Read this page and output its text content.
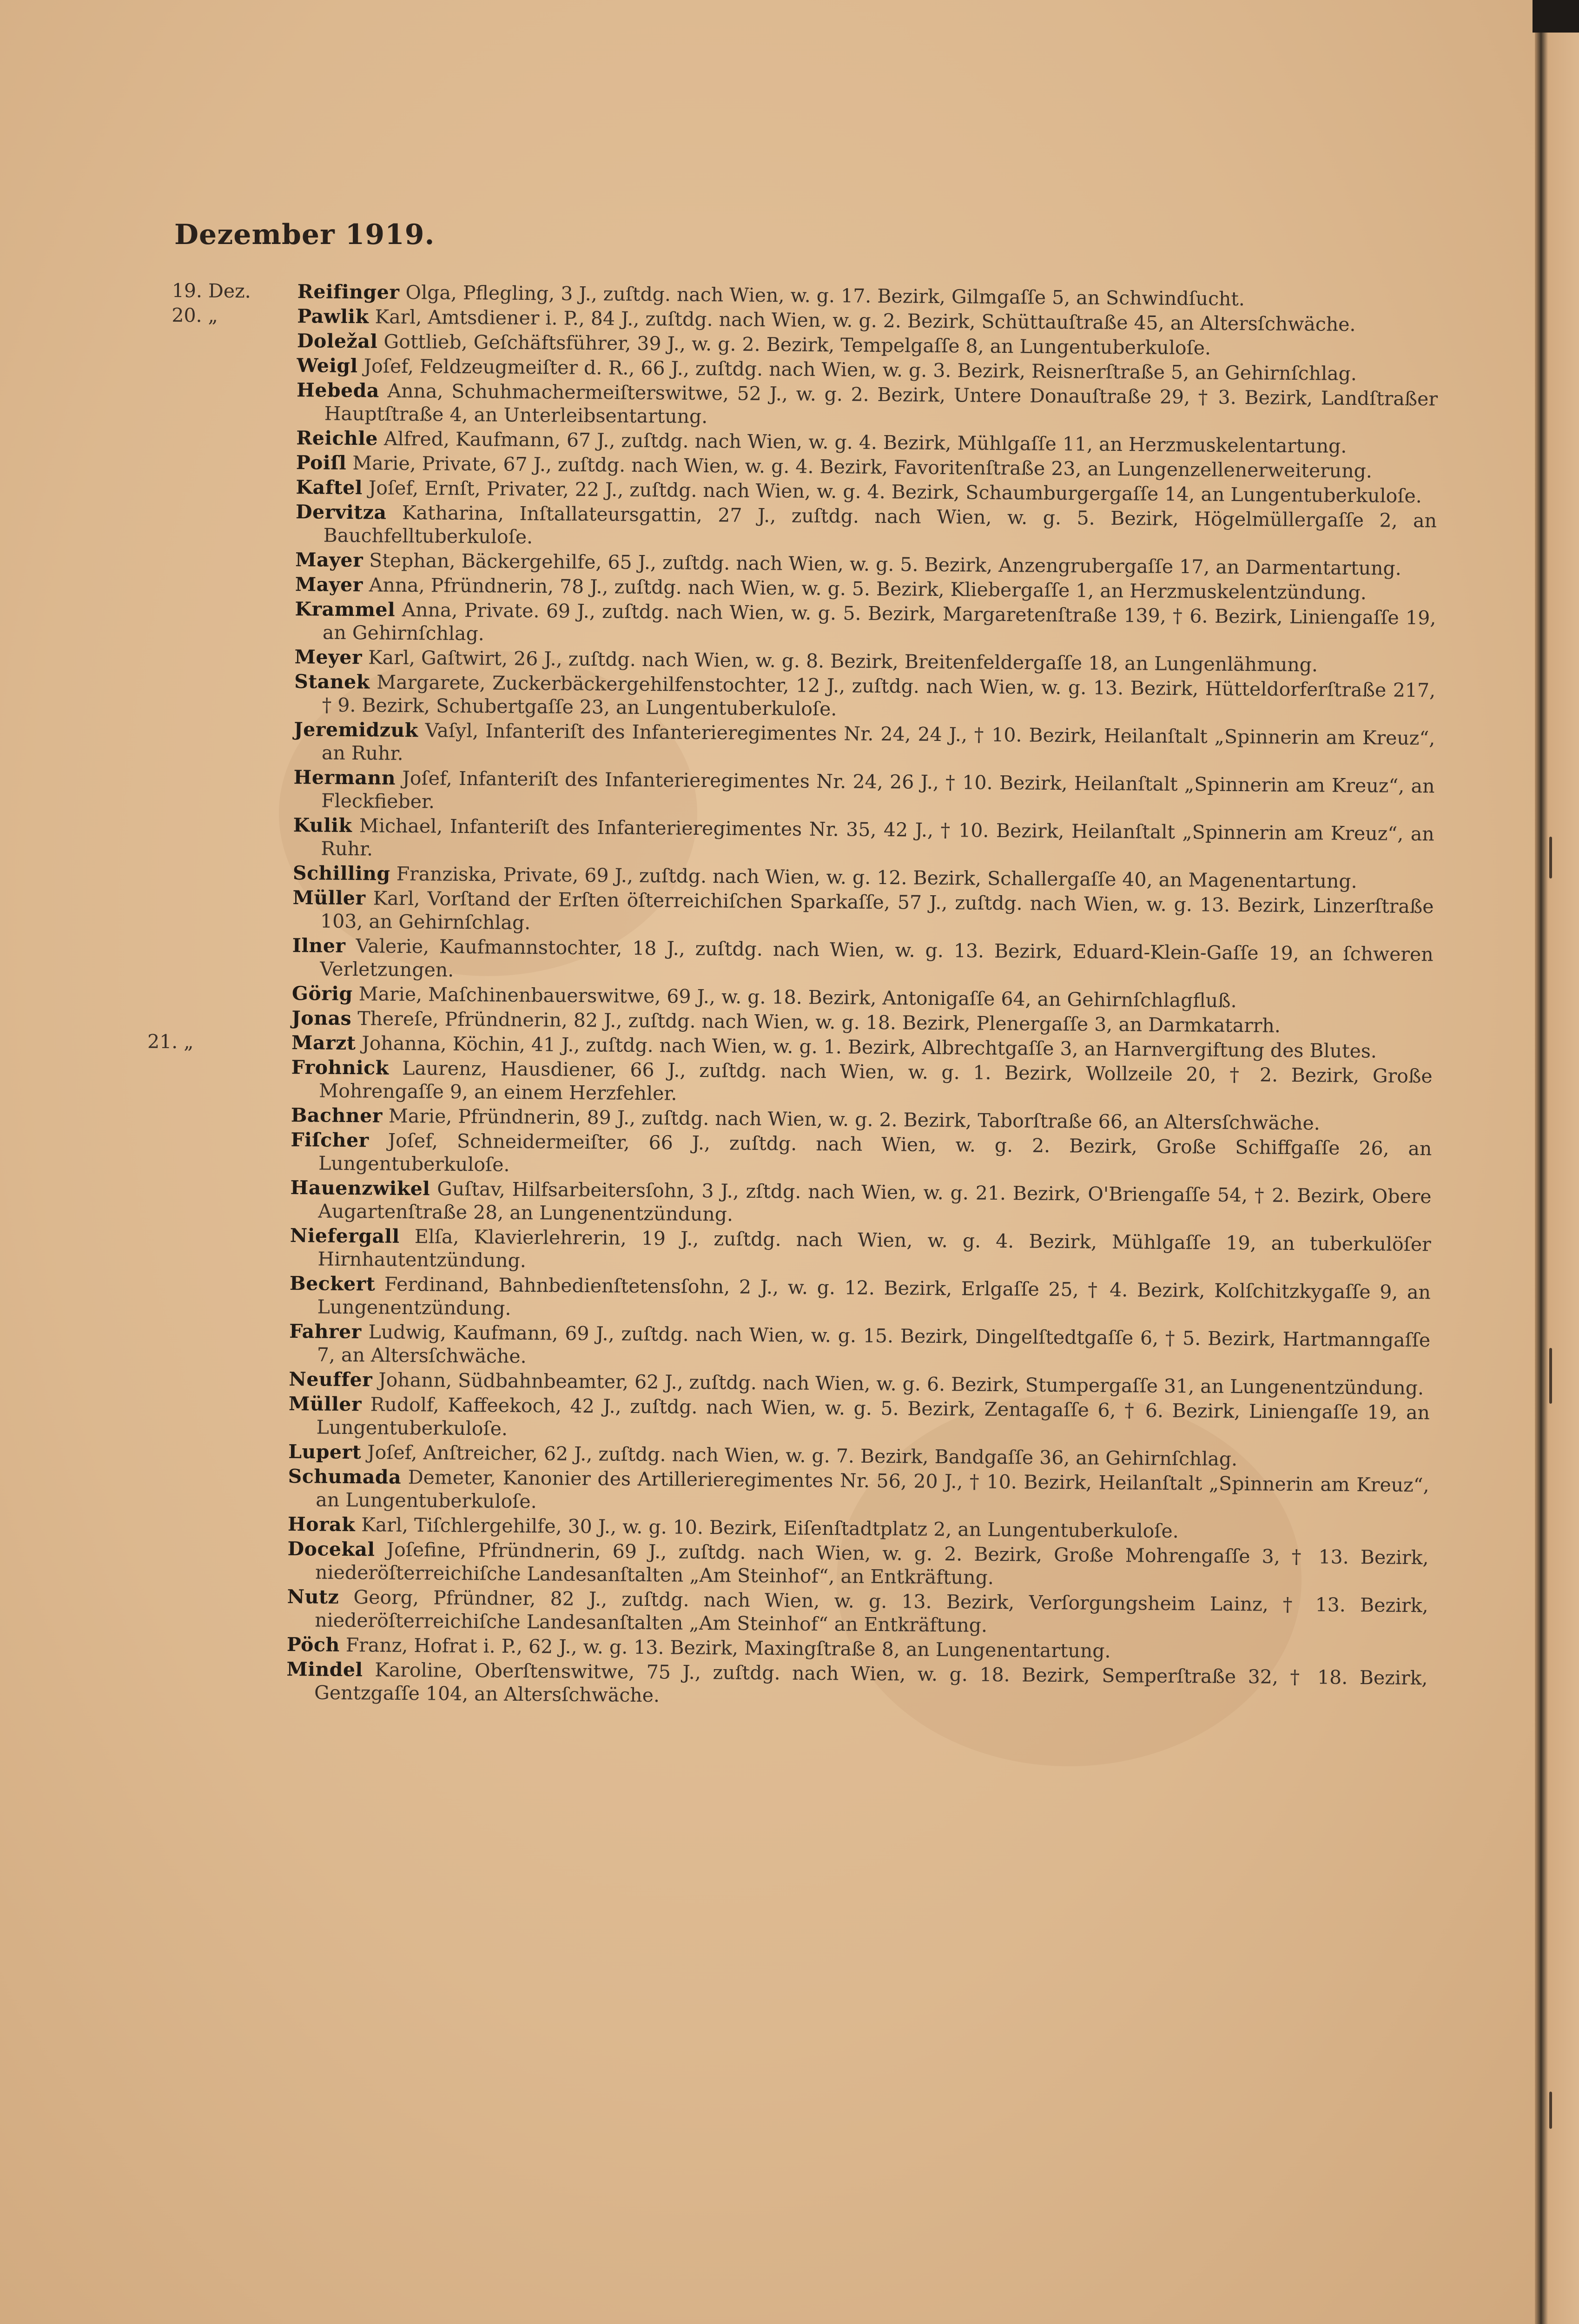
Dezember 1919.
19. Dez.	Reifinger Olga, Pflegling, 3 J., zuſtdg. nach Wien, w. g. 17. Bezirk, Gilmgaſſe 5, an Schwindſucht.
20. „	Pawlik Karl, Amtsdiener i. P., 84 J., zuſtdg. nach Wien, w. g. 2. Bezirk, Schüttauſtraße 45, an Altersſchwäche.
Doležal Gottlieb, Geſchäftsführer, 39 J., w. g. 2. Bezirk, Tempelgaſſe 8, an Lungentuberkuloſe.
Weigl Joſef, Feldzeugmeiſter d. R., 66 J., zuſtdg. nach Wien, w. g. 3. Bezirk, Reisnerſtraße 5, an Gehirnſchlag.
Hebeda Anna, Schuhmachermeiſterswitwe, 52 J., w. g. 2. Bezirk, Untere Donauſtraße 29, † 3. Bezirk, Landſtraßer Hauptſtraße 4, an Unterleibsentartung.
Reichle Alfred, Kaufmann, 67 J., zuſtdg. nach Wien, w. g. 4. Bezirk, Mühlgaſſe 11, an Herzmuskelentartung.
Poiſl Marie, Private, 67 J., zuſtdg. nach Wien, w. g. 4. Bezirk, Favoritenſtraße 23, an Lungenzellenerweiterung.
Kaftel Joſef, Ernſt, Privater, 22 J., zuſtdg. nach Wien, w. g. 4. Bezirk, Schaumburgergaſſe 14, an Lungentuberkuloſe.
Dervitza Katharina, Inſtallateursgattin, 27 J., zuſtdg. nach Wien, w. g. 5. Bezirk, Högelmüllergaſſe 2, an Bauchfelltuberkuloſe.
Mayer Stephan, Bäckergehilfe, 65 J., zuſtdg. nach Wien, w. g. 5. Bezirk, Anzengrubergaſſe 17, an Darmentartung.
Mayer Anna, Pfründnerin, 78 J., zuſtdg. nach Wien, w. g. 5. Bezirk, Kliebergaſſe 1, an Herzmuskelentzündung.
Krammel Anna, Private. 69 J., zuſtdg. nach Wien, w. g. 5. Bezirk, Margaretenſtraße 139, † 6. Bezirk, Liniengaſſe 19, an Gehirnſchlag.
Meyer Karl, Gaſtwirt, 26 J., zuſtdg. nach Wien, w. g. 8. Bezirk, Breitenfeldergaſſe 18, an Lungenlähmung.
Stanek Margarete, Zuckerbäckergehilfenstochter, 12 J., zuſtdg. nach Wien, w. g. 13. Bezirk, Hütteldorferſtraße 217, † 9. Bezirk, Schubertgaſſe 23, an Lungentuberkuloſe.
Jeremidzuk Vaſyl, Infanteriſt des Infanterieregimentes Nr. 24, 24 J., † 10. Bezirk, Heilanſtalt „Spinnerin am Kreuz“, an Ruhr.
Hermann Joſef, Infanteriſt des Infanterieregimentes Nr. 24, 26 J., † 10. Bezirk, Heilanſtalt „Spinnerin am Kreuz“, an Fleckfieber.
Kulik Michael, Infanteriſt des Infanterieregimentes Nr. 35, 42 J., † 10. Bezirk, Heilanſtalt „Spinnerin am Kreuz“, an Ruhr.
Schilling Franziska, Private, 69 J., zuſtdg. nach Wien, w. g. 12. Bezirk, Schallergaſſe 40, an Magenentartung.
Müller Karl, Vorſtand der Erſten öſterreichiſchen Sparkaſſe, 57 J., zuſtdg. nach Wien, w. g. 13. Bezirk, Linzerſtraße 103, an Gehirnſchlag.
Ilner Valerie, Kaufmannstochter, 18 J., zuſtdg. nach Wien, w. g. 13. Bezirk, Eduard-Klein-Gaſſe 19, an ſchweren Verletzungen.
Görig Marie, Maſchinenbauerswitwe, 69 J., w. g. 18. Bezirk, Antonigaſſe 64, an Gehirnſchlagfluß.
Jonas Thereſe, Pfründnerin, 82 J., zuſtdg. nach Wien, w. g. 18. Bezirk, Plenergaſſe 3, an Darmkatarrh.
21. „	Marzt Johanna, Köchin, 41 J., zuſtdg. nach Wien, w. g. 1. Bezirk, Albrechtgaſſe 3, an Harnvergiftung des Blutes.
Frohnick Laurenz, Hausdiener, 66 J., zuſtdg. nach Wien, w. g. 1. Bezirk, Wollzeile 20, † 2. Bezirk, Große Mohrengaſſe 9, an einem Herzfehler.
Bachner Marie, Pfründnerin, 89 J., zuſtdg. nach Wien, w. g. 2. Bezirk, Taborſtraße 66, an Altersſchwäche.
Fiſcher Joſef, Schneidermeiſter, 66 J., zuſtdg. nach Wien, w. g. 2. Bezirk, Große Schiffgaſſe 26, an Lungentuberkuloſe.
Hauenzwikel Guſtav, Hilfsarbeitersſohn, 3 J., zſtdg. nach Wien, w. g. 21. Bezirk, O'Briengaſſe 54, † 2. Bezirk, Obere Augartenſtraße 28, an Lungenentzündung.
Niefergall Elſa, Klavierlehrerin, 19 J., zuſtdg. nach Wien, w. g. 4. Bezirk, Mühlgaſſe 19, an tuberkulöſer Hirnhautentzündung.
Beckert Ferdinand, Bahnbedienſtetensſohn, 2 J., w. g. 12. Bezirk, Erlgaſſe 25, † 4. Bezirk, Kolſchitzkygaſſe 9, an Lungenentzündung.
Fahrer Ludwig, Kaufmann, 69 J., zuſtdg. nach Wien, w. g. 15. Bezirk, Dingelſtedtgaſſe 6, † 5. Bezirk, Hartmanngaſſe 7, an Altersſchwäche.
Neuffer Johann, Südbahnbeamter, 62 J., zuſtdg. nach Wien, w. g. 6. Bezirk, Stumpergaſſe 31, an Lungenentzündung.
Müller Rudolf, Kaffeekoch, 42 J., zuſtdg. nach Wien, w. g. 5. Bezirk, Zentagaſſe 6, † 6. Bezirk, Liniengaſſe 19, an Lungentuberkuloſe.
Lupert Joſef, Anſtreicher, 62 J., zuſtdg. nach Wien, w. g. 7. Bezirk, Bandgaſſe 36, an Gehirnſchlag.
Schumada Demeter, Kanonier des Artillerieregimentes Nr. 56, 20 J., † 10. Bezirk, Heilanſtalt „Spinnerin am Kreuz“, an Lungentuberkuloſe.
Horak Karl, Tiſchlergehilfe, 30 J., w. g. 10. Bezirk, Eiſenſtadtplatz 2, an Lungentuberkuloſe.
Docekal Joſefine, Pfründnerin, 69 J., zuſtdg. nach Wien, w. g. 2. Bezirk, Große Mohrengaſſe 3, † 13. Bezirk, niederöſterreichiſche Landesanſtalten „Am Steinhof“, an Entkräftung.
Nutz Georg, Pfründner, 82 J., zuſtdg. nach Wien, w. g. 13. Bezirk, Verſorgungsheim Lainz, † 13. Bezirk, niederöſterreichiſche Landesanſtalten „Am Steinhof“ an Entkräftung.
Pöch Franz, Hofrat i. P., 62 J., w. g. 13. Bezirk, Maxingſtraße 8, an Lungenentartung.
Mindel Karoline, Oberſtenswitwe, 75 J., zuſtdg. nach Wien, w. g. 18. Bezirk, Semperſtraße 32, † 18. Bezirk, Gentzgaſſe 104, an Altersſchwäche.
